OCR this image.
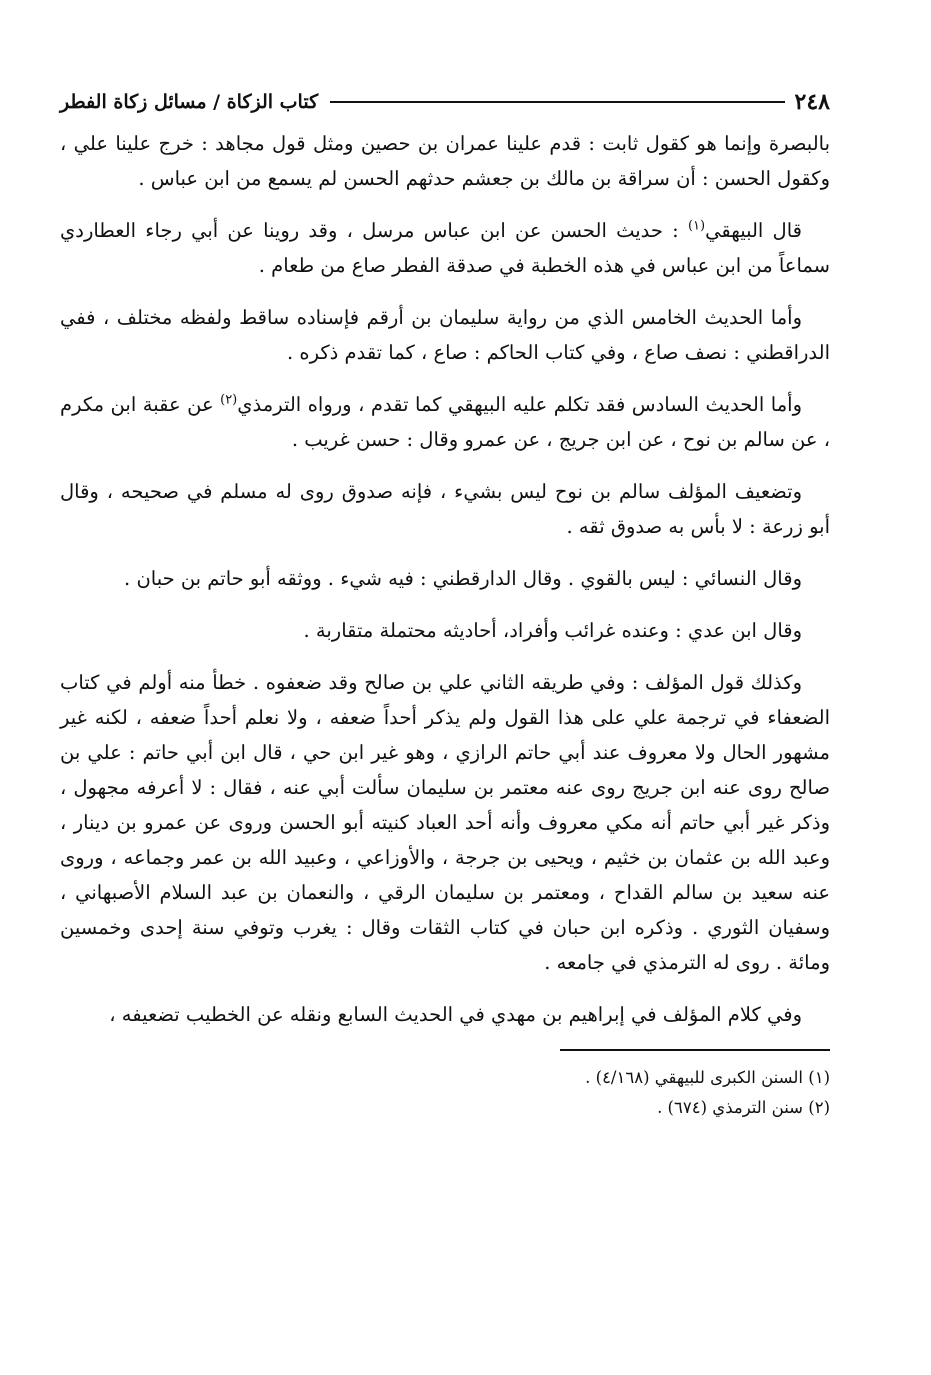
٢٤٨
كتاب الزكاة / مسائل زكاة الفطر

بالبصرة وإنما هو كقول ثابت : قدم علينا عمران بن حصين ومثل قول مجاهد : خرج علينا علي ، وكقول الحسن : أن سراقة بن مالك بن جعشم حدثهم الحسن لم يسمع من ابن عباس .

قال البيهقي$^{(١)}$ : حديث الحسن عن ابن عباس مرسل ، وقد روينا عن أبي رجاء العطاردي سماعاً من ابن عباس في هذه الخطبة في صدقة الفطر صاع من طعام .

وأما الحديث الخامس الذي من رواية سليمان بن أرقم فإسناده ساقط ولفظه مختلف ، ففي الدراقطني : نصف صاع ، وفي كتاب الحاكم : صاع ، كما تقدم ذكره .

وأما الحديث السادس فقد تكلم عليه البيهقي كما تقدم ، ورواه الترمذي$^{(٢)}$ عن عقبة ابن مكرم ، عن سالم بن نوح ، عن ابن جريج ، عن عمرو وقال : حسن غريب .

وتضعيف المؤلف سالم بن نوح ليس بشيء ، فإنه صدوق روى له مسلم في صحيحه ، وقال أبو زرعة : لا بأس به صدوق ثقه .

وقال النسائي : ليس بالقوي . وقال الدارقطني : فيه شيء . ووثقه أبو حاتم بن حبان .

وقال ابن عدي : وعنده غرائب وأفراد، أحاديثه محتملة متقاربة .

وكذلك قول المؤلف : وفي طريقه الثاني علي بن صالح وقد ضعفوه . خطأ منه أولم في كتاب الضعفاء في ترجمة علي على هذا القول ولم يذكر أحداً ضعفه ، ولا نعلم أحداً ضعفه ، لكنه غير مشهور الحال ولا معروف عند أبي حاتم الرازي ، وهو غير ابن حي ، قال ابن أبي حاتم : علي بن صالح روى عنه ابن جريج روى عنه معتمر بن سليمان سألت أبي عنه ، فقال : لا أعرفه مجهول ، وذكر غير أبي حاتم أنه مكي معروف وأنه أحد العباد كنيته أبو الحسن وروى عن عمرو بن دينار ، وعبد الله بن عثمان بن خثيم ، ويحيى بن جرجة ، والأوزاعي ، وعبيد الله بن عمر وجماعه ، وروى عنه سعيد بن سالم القداح ، ومعتمر بن سليمان الرقي ، والنعمان بن عبد السلام الأصبهاني ، وسفيان الثوري . وذكره ابن حبان في كتاب الثقات وقال : يغرب وتوفي سنة إحدى وخمسين ومائة . روى له الترمذي في جامعه .

وفي كلام المؤلف في إبراهيم بن مهدي في الحديث السابع ونقله عن الخطيب تضعيفه ،

(١) السنن الكبرى للبيهقي (٤/١٦٨) .
(٢) سنن الترمذي (٦٧٤) .
